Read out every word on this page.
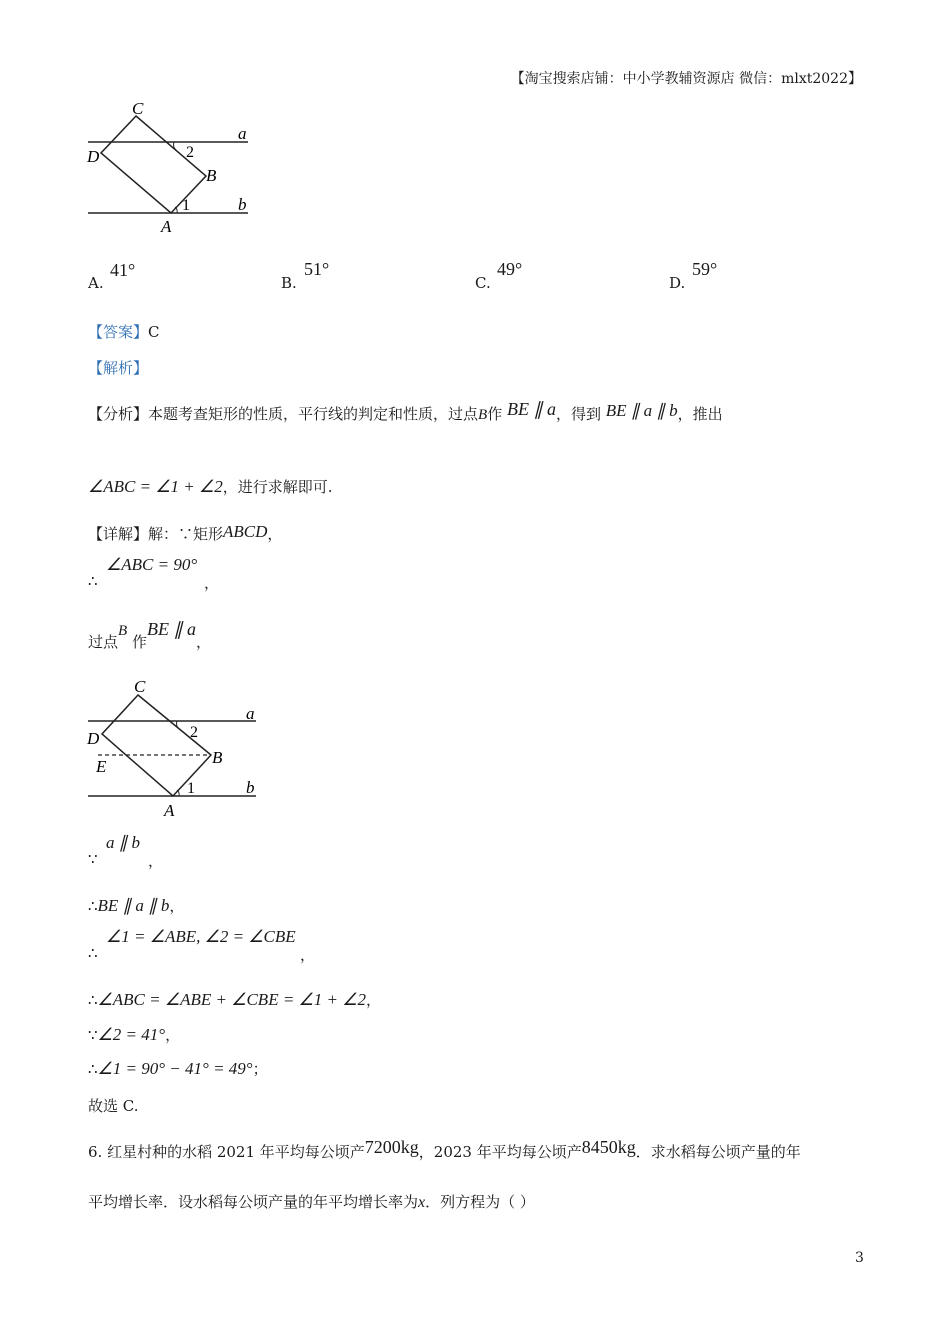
【淘宝搜索店铺：中小学教辅资源店 微信：mlxt2022】
C
a
D	2
B
1	b
A
A.
41°
B.
51°
C.
49°
D.
59°
【答案】C
【解析】
【分析】本题考查矩形的性质，平行线的判定和性质，过点B作 BE ∥ a，得到 BE ∥ a ∥ b，推出
∠ABC = ∠1 + ∠2，进行求解即可.
【详解】解：∵矩形ABCD，
∴
∠ABC = 90°
，
过点B 作BE ∥ a，
C
a
D	2
E	B
1	b
A
∵
a ∥ b
，
∴BE ∥ a ∥ b，
∴
∠1 = ∠ABE, ∠2 = ∠CBE
，
∴∠ABC = ∠ABE + ∠CBE = ∠1 + ∠2，
∵∠2 = 41°，
∴∠1 = 90° − 41° = 49°；
故选 C.
6. 红星村种的水稻 2021 年平均每公顷产7200kg，2023 年平均每公顷产8450kg．求水稻每公顷产量的年
平均增长率．设水稻每公顷产量的年平均增长率为x．列方程为（ ）
3
